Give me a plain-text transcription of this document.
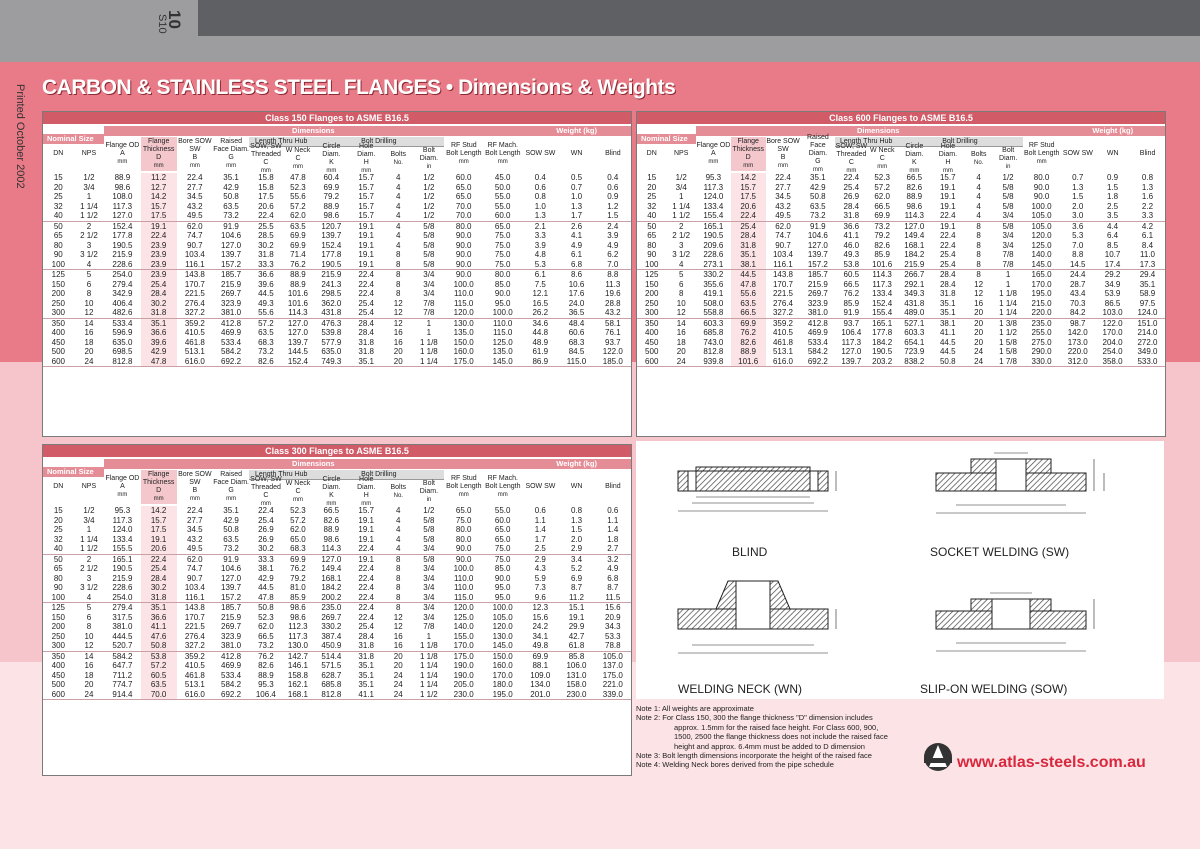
10
S10
Printed October 2002 CARBON & STAINLESS STEEL FLANGES • Dimensions & Weights
Class 150 Flanges to ASME B16.5
Nominal Size
Dimensions	Weight (kg)
Length Thru Hub	Bolt Drilling
DN	NPS
Flange OD
A
mm
Flange Thickness
D
mm
Bore SOW SW
B
mm
Raised Face Diam.
G
mm
SOW, SW Threaded
C
mm
W Neck
C
mm
Circle Diam.
K
mm
Hole Diam.
H
mm
Bolts
No.
Bolt Diam.
in
RF Stud Bolt Length
mm
RF Mach. Bolt Length
mm
SOW SW	WN	Blind
15	1/2	88.9	11.2	22.4	35.1	15.8	47.8	60.4	15.7	4	1/2	60.0	45.0	0.4	0.5	0.4
20	3/4	98.6	12.7	27.7	42.9	15.8	52.3	69.9	15.7	4	1/2	65.0	50.0	0.6	0.7	0.6
25	1	108.0	14.2	34.5	50.8	17.5	55.6	79.2	15.7	4	1/2	65.0	55.0	0.8	1.0	0.9
32	1 1/4	117.3	15.7	43.2	63.5	20.6	57.2	88.9	15.7	4	1/2	70.0	55.0	1.0	1.3	1.2
40	1 1/2	127.0	17.5	49.5	73.2	22.4	62.0	98.6	15.7	4	1/2	70.0	60.0	1.3	1.7	1.5
50	2	152.4	19.1	62.0	91.9	25.5	63.5	120.7	19.1	4	5/8	80.0	65.0	2.1	2.6	2.4
65	2 1/2	177.8	22.4	74.7	104.6	28.5	69.9	139.7	19.1	4	5/8	90.0	75.0	3.3	4.1	3.9
80	3	190.5	23.9	90.7	127.0	30.2	69.9	152.4	19.1	4	5/8	90.0	75.0	3.9	4.9	4.9
90	3 1/2	215.9	23.9	103.4	139.7	31.8	71.4	177.8	19.1	8	5/8	90.0	75.0	4.8	6.1	6.2
100	4	228.6	23.9	116.1	157.2	33.3	76.2	190.5	19.1	8	5/8	90.0	75.0	5.3	6.8	7.0
125	5	254.0	23.9	143.8	185.7	36.6	88.9	215.9	22.4	8	3/4	90.0	80.0	6.1	8.6	8.8
150	6	279.4	25.4	170.7	215.9	39.6	88.9	241.3	22.4	8	3/4	100.0	85.0	7.5	10.6	11.3
200	8	342.9	28.4	221.5	269.7	44.5	101.6	298.5	22.4	8	3/4	110.0	90.0	12.1	17.6	19.6
250	10	406.4	30.2	276.4	323.9	49.3	101.6	362.0	25.4	12	7/8	115.0	95.0	16.5	24.0	28.8
300	12	482.6	31.8	327.2	381.0	55.6	114.3	431.8	25.4	12	7/8	120.0	100.0	26.2	36.5	43.2
350	14	533.4	35.1	359.2	412.8	57.2	127.0	476.3	28.4	12	1	130.0	110.0	34.6	48.4	58.1
400	16	596.9	36.6	410.5	469.9	63.5	127.0	539.8	28.4	16	1	135.0	115.0	44.8	60.6	76.1
450	18	635.0	39.6	461.8	533.4	68.3	139.7	577.9	31.8	16	1 1/8	150.0	125.0	48.9	68.3	93.7
500	20	698.5	42.9	513.1	584.2	73.2	144.5	635.0	31.8	20	1 1/8	160.0	135.0	61.9	84.5	122.0
600	24	812.8	47.8	616.0	692.2	82.6	152.4	749.3	35.1	20	1 1/4	175.0	145.0	86.9	115.0	185.0
Class 600 Flanges to ASME B16.5
Nominal Size
Dimensions	Weight (kg)
Length Thru Hub	Bolt Drilling
DN	NPS
Flange OD
A
mm
Flange Thickness
D
mm
Bore SOW SW
B
mm
Raised Face Diam.
G
mm
SOW, SW Threaded
C
mm
W Neck
C
mm
Circle Diam.
K
mm
Hole Diam.
H
mm
Bolts
No.
Bolt Diam.
in
RF Stud Bolt Length
mm
SOW SW	WN	Blind
15	1/2	95.3	14.2	22.4	35.1	22.4	52.3	66.5	15.7	4	1/2	80.0	0.7	0.9	0.8
20	3/4	117.3	15.7	27.7	42.9	25.4	57.2	82.6	19.1	4	5/8	90.0	1.3	1.5	1.3
25	1	124.0	17.5	34.5	50.8	26.9	62.0	88.9	19.1	4	5/8	90.0	1.5	1.8	1.6
32	1 1/4	133.4	20.6	43.2	63.5	28.4	66.5	98.6	19.1	4	5/8	100.0	2.0	2.5	2.2
40	1 1/2	155.4	22.4	49.5	73.2	31.8	69.9	114.3	22.4	4	3/4	105.0	3.0	3.5	3.3
50	2	165.1	25.4	62.0	91.9	36.6	73.2	127.0	19.1	8	5/8	105.0	3.6	4.4	4.2
65	2 1/2	190.5	28.4	74.7	104.6	41.1	79.2	149.4	22.4	8	3/4	120.0	5.3	6.4	6.1
80	3	209.6	31.8	90.7	127.0	46.0	82.6	168.1	22.4	8	3/4	125.0	7.0	8.5	8.4
90	3 1/2	228.6	35.1	103.4	139.7	49.3	85.9	184.2	25.4	8	7/8	140.0	8.8	10.7	11.0
100	4	273.1	38.1	116.1	157.2	53.8	101.6	215.9	25.4	8	7/8	145.0	14.5	17.4	17.3
125	5	330.2	44.5	143.8	185.7	60.5	114.3	266.7	28.4	8	1	165.0	24.4	29.2	29.4
150	6	355.6	47.8	170.7	215.9	66.5	117.3	292.1	28.4	12	1	170.0	28.7	34.9	35.1
200	8	419.1	55.6	221.5	269.7	76.2	133.4	349.3	31.8	12	1 1/8	195.0	43.4	53.9	58.9
250	10	508.0	63.5	276.4	323.9	85.9	152.4	431.8	35.1	16	1 1/4	215.0	70.3	86.5	97.5
300	12	558.8	66.5	327.2	381.0	91.9	155.4	489.0	35.1	20	1 1/4	220.0	84.2	103.0	124.0
350	14	603.3	69.9	359.2	412.8	93.7	165.1	527.1	38.1	20	1 3/8	235.0	98.7	122.0	151.0
400	16	685.8	76.2	410.5	469.9	106.4	177.8	603.3	41.1	20	1 1/2	255.0	142.0	170.0	214.0
450	18	743.0	82.6	461.8	533.4	117.3	184.2	654.1	44.5	20	1 5/8	275.0	173.0	204.0	272.0
500	20	812.8	88.9	513.1	584.2	127.0	190.5	723.9	44.5	24	1 5/8	290.0	220.0	254.0	349.0
600	24	939.8	101.6	616.0	692.2	139.7	203.2	838.2	50.8	24	1 7/8	330.0	312.0	358.0	533.0
Class 300 Flanges to ASME B16.5
Nominal Size
Dimensions	Weight (kg)
Length Thru Hub	Bolt Drilling
DN	NPS
Flange OD
A
mm
Flange Thickness
D
mm
Bore SOW SW
B
mm
Raised Face Diam.
G
mm
SOW, SW Threaded
C
mm
W Neck
C
mm
Circle Diam.
K
mm
Hole Diam.
H
mm
Bolts
No.
Bolt Diam.
in
RF Stud Bolt Length
mm
RF Mach. Bolt Length
mm
SOW SW	WN	Blind
15	1/2	95.3	14.2	22.4	35.1	22.4	52.3	66.5	15.7	4	1/2	65.0	55.0	0.6	0.8	0.6
20	3/4	117.3	15.7	27.7	42.9	25.4	57.2	82.6	19.1	4	5/8	75.0	60.0	1.1	1.3	1.1
25	1	124.0	17.5	34.5	50.8	26.9	62.0	88.9	19.1	4	5/8	80.0	65.0	1.4	1.5	1.4
32	1 1/4	133.4	19.1	43.2	63.5	26.9	65.0	98.6	19.1	4	5/8	80.0	65.0	1.7	2.0	1.8
40	1 1/2	155.5	20.6	49.5	73.2	30.2	68.3	114.3	22.4	4	3/4	90.0	75.0	2.5	2.9	2.7
50	2	165.1	22.4	62.0	91.9	33.3	69.9	127.0	19.1	8	5/8	90.0	75.0	2.9	3.4	3.2
65	2 1/2	190.5	25.4	74.7	104.6	38.1	76.2	149.4	22.4	8	3/4	100.0	85.0	4.3	5.2	4.9
80	3	215.9	28.4	90.7	127.0	42.9	79.2	168.1	22.4	8	3/4	110.0	90.0	5.9	6.9	6.8
90	3 1/2	228.6	30.2	103.4	139.7	44.5	81.0	184.2	22.4	8	3/4	110.0	95.0	7.3	8.7	8.7
100	4	254.0	31.8	116.1	157.2	47.8	85.9	200.2	22.4	8	3/4	115.0	95.0	9.6	11.2	11.5
125	5	279.4	35.1	143.8	185.7	50.8	98.6	235.0	22.4	8	3/4	120.0	100.0	12.3	15.1	15.6
150	6	317.5	36.6	170.7	215.9	52.3	98.6	269.7	22.4	12	3/4	125.0	105.0	15.6	19.1	20.9
200	8	381.0	41.1	221.5	269.7	62.0	112.3	330.2	25.4	12	7/8	140.0	120.0	24.2	29.9	34.3
250	10	444.5	47.6	276.4	323.9	66.5	117.3	387.4	28.4	16	1	155.0	130.0	34.1	42.7	53.3
300	12	520.7	50.8	327.2	381.0	73.2	130.0	450.9	31.8	16	1 1/8	170.0	145.0	49.8	61.8	78.8
350	14	584.2	53.8	359.2	412.8	76.2	142.7	514.4	31.8	20	1 1/8	175.0	150.0	69.9	85.8	105.0
400	16	647.7	57.2	410.5	469.9	82.6	146.1	571.5	35.1	20	1 1/4	190.0	160.0	88.1	106.0	137.0
450	18	711.2	60.5	461.8	533.4	88.9	158.8	628.7	35.1	24	1 1/4	190.0	170.0	109.0	131.0	175.0
500	20	774.7	63.5	513.1	584.2	95.3	162.1	685.8	35.1	24	1 1/4	205.0	180.0	134.0	158.0	221.0
600	24	914.4	70.0	616.0	692.2	106.4	168.1	812.8	41.1	24	1 1/2	230.0	195.0	201.0	230.0	339.0
BLIND	SOCKET WELDING (SW)
WELDING NECK (WN)	SLIP-ON WELDING (SOW)
Note 1: All weights are approximate
Note 2: For Class 150, 300 the flange thickness "D" dimension includes
approx. 1.5mm for the raised face height. For Class 600, 900,
1500, 2500 the flange thickness does not include the raised face
height and approx. 6.4mm must be added to D dimension
Note 3: Bolt length dimensions incorporate the height of the raised face
Note 4: Welding Neck bores derived from the pipe schedule	www.atlas-steels.com.au
